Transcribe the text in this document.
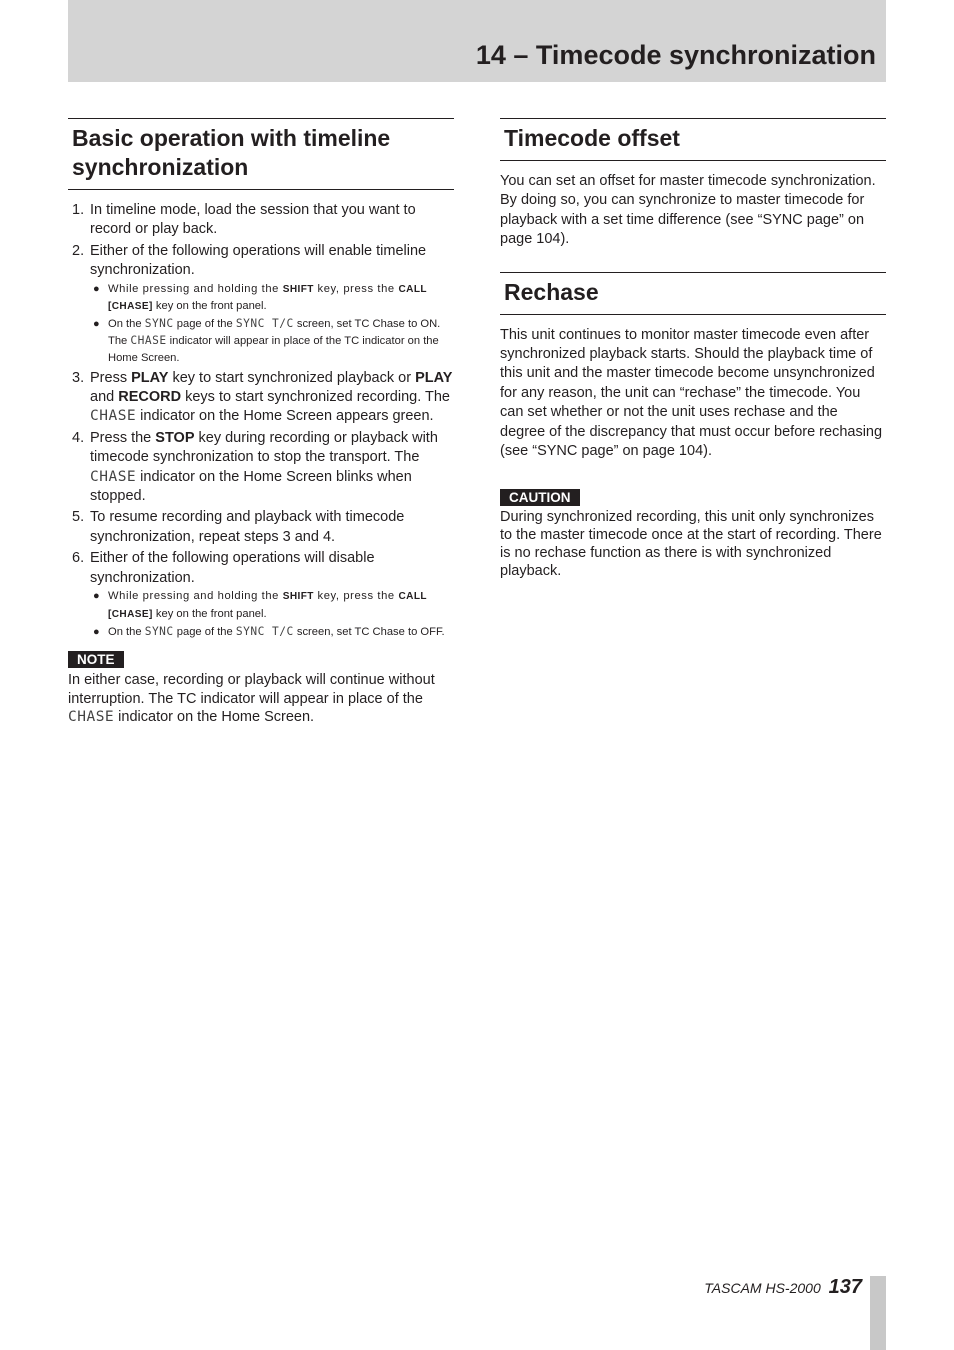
14 – Timecode synchronization
Basic operation with timeline synchronization
1. In timeline mode, load the session that you want to record or play back.
2. Either of the following operations will enable timeline synchronization.
● While pressing and holding the SHIFT key, press the CALL [CHASE] key on the front panel.
● On the SYNC page of the SYNC T/C screen, set TC Chase to ON. The CHASE indicator will appear in place of the TC indicator on the Home Screen.
3. Press PLAY key to start synchronized playback or PLAY and RECORD keys to start synchronized recording. The CHASE indicator on the Home Screen appears green.
4. Press the STOP key during recording or playback with timecode synchronization to stop the transport. The CHASE indicator on the Home Screen blinks when stopped.
5. To resume recording and playback with timecode synchronization, repeat steps 3 and 4.
6. Either of the following operations will disable synchronization.
● While pressing and holding the SHIFT key, press the CALL [CHASE] key on the front panel.
● On the SYNC page of the SYNC T/C screen, set TC Chase to OFF.
NOTE
In either case, recording or playback will continue without interruption. The TC indicator will appear in place of the CHASE indicator on the Home Screen.
Timecode offset

You can set an offset for master timecode synchronization. By doing so, you can synchronize to master timecode for playback with a set time difference (see “SYNC page” on page 104).

Rechase

This unit continues to monitor master timecode even after synchronized playback starts. Should the playback time of this unit and the master timecode become unsynchronized for any reason, the unit can “rechase” the timecode. You can set whether or not the unit uses rechase and the degree of the discrepancy that must occur before rechasing (see “SYNC page” on page 104).

CAUTION
During synchronized recording, this unit only synchronizes to the master timecode once at the start of recording. There is no rechase function as there is with synchronized playback.
TASCAM HS-2000 137
